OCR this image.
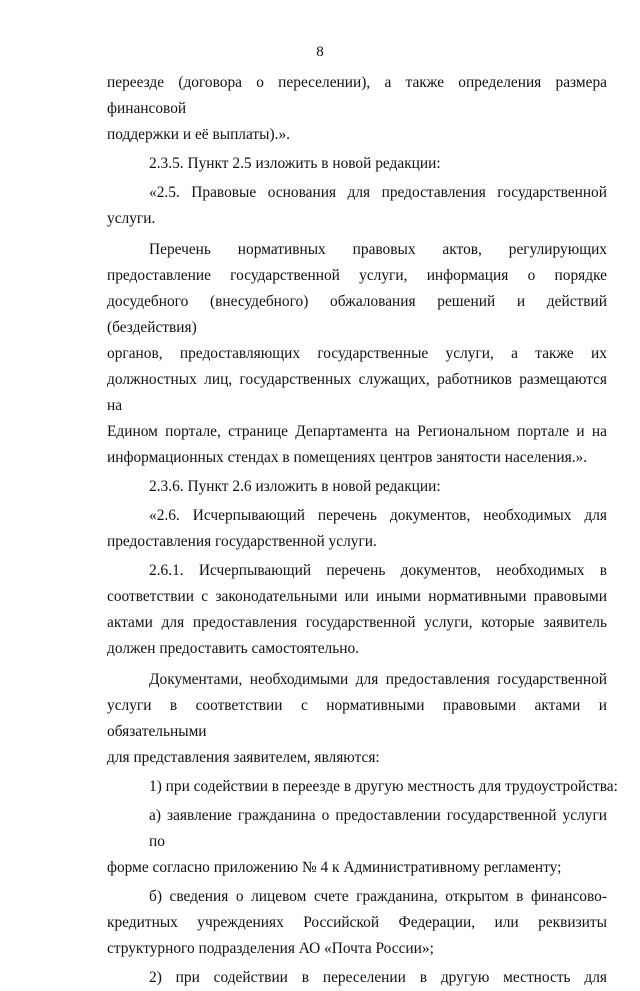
8
переезде (договора о переселении), а также определения размера финансовой
поддержки и её выплаты).».
2.3.5. Пункт 2.5 изложить в новой редакции:
«2.5. Правовые основания для предоставления государственной
услуги.
Перечень нормативных правовых актов, регулирующих
предоставление государственной услуги, информация о порядке
досудебного (внесудебного) обжалования решений и действий (бездействия)
органов, предоставляющих государственные услуги, а также их
должностных лиц, государственных служащих, работников размещаются на
Едином портале, странице Департамента на Региональном портале и на
информационных стендах в помещениях центров занятости населения.».
2.3.6. Пункт 2.6 изложить в новой редакции:
«2.6. Исчерпывающий перечень документов, необходимых для
предоставления государственной услуги.
2.6.1. Исчерпывающий перечень документов, необходимых в
соответствии с законодательными или иными нормативными правовыми
актами для предоставления государственной услуги, которые заявитель
должен предоставить самостоятельно.
Документами, необходимыми для предоставления государственной
услуги в соответствии с нормативными правовыми актами и обязательными
для представления заявителем, являются:
1) при содействии в переезде в другую местность для трудоустройства:
а) заявление гражданина о предоставлении государственной услуги по
форме согласно приложению № 4 к Административному регламенту;
б) сведения о лицевом счете гражданина, открытом в финансово-
кредитных учреждениях Российской Федерации, или реквизиты
структурного подразделения АО «Почта России»;
2) при содействии в переселении в другую местность для
